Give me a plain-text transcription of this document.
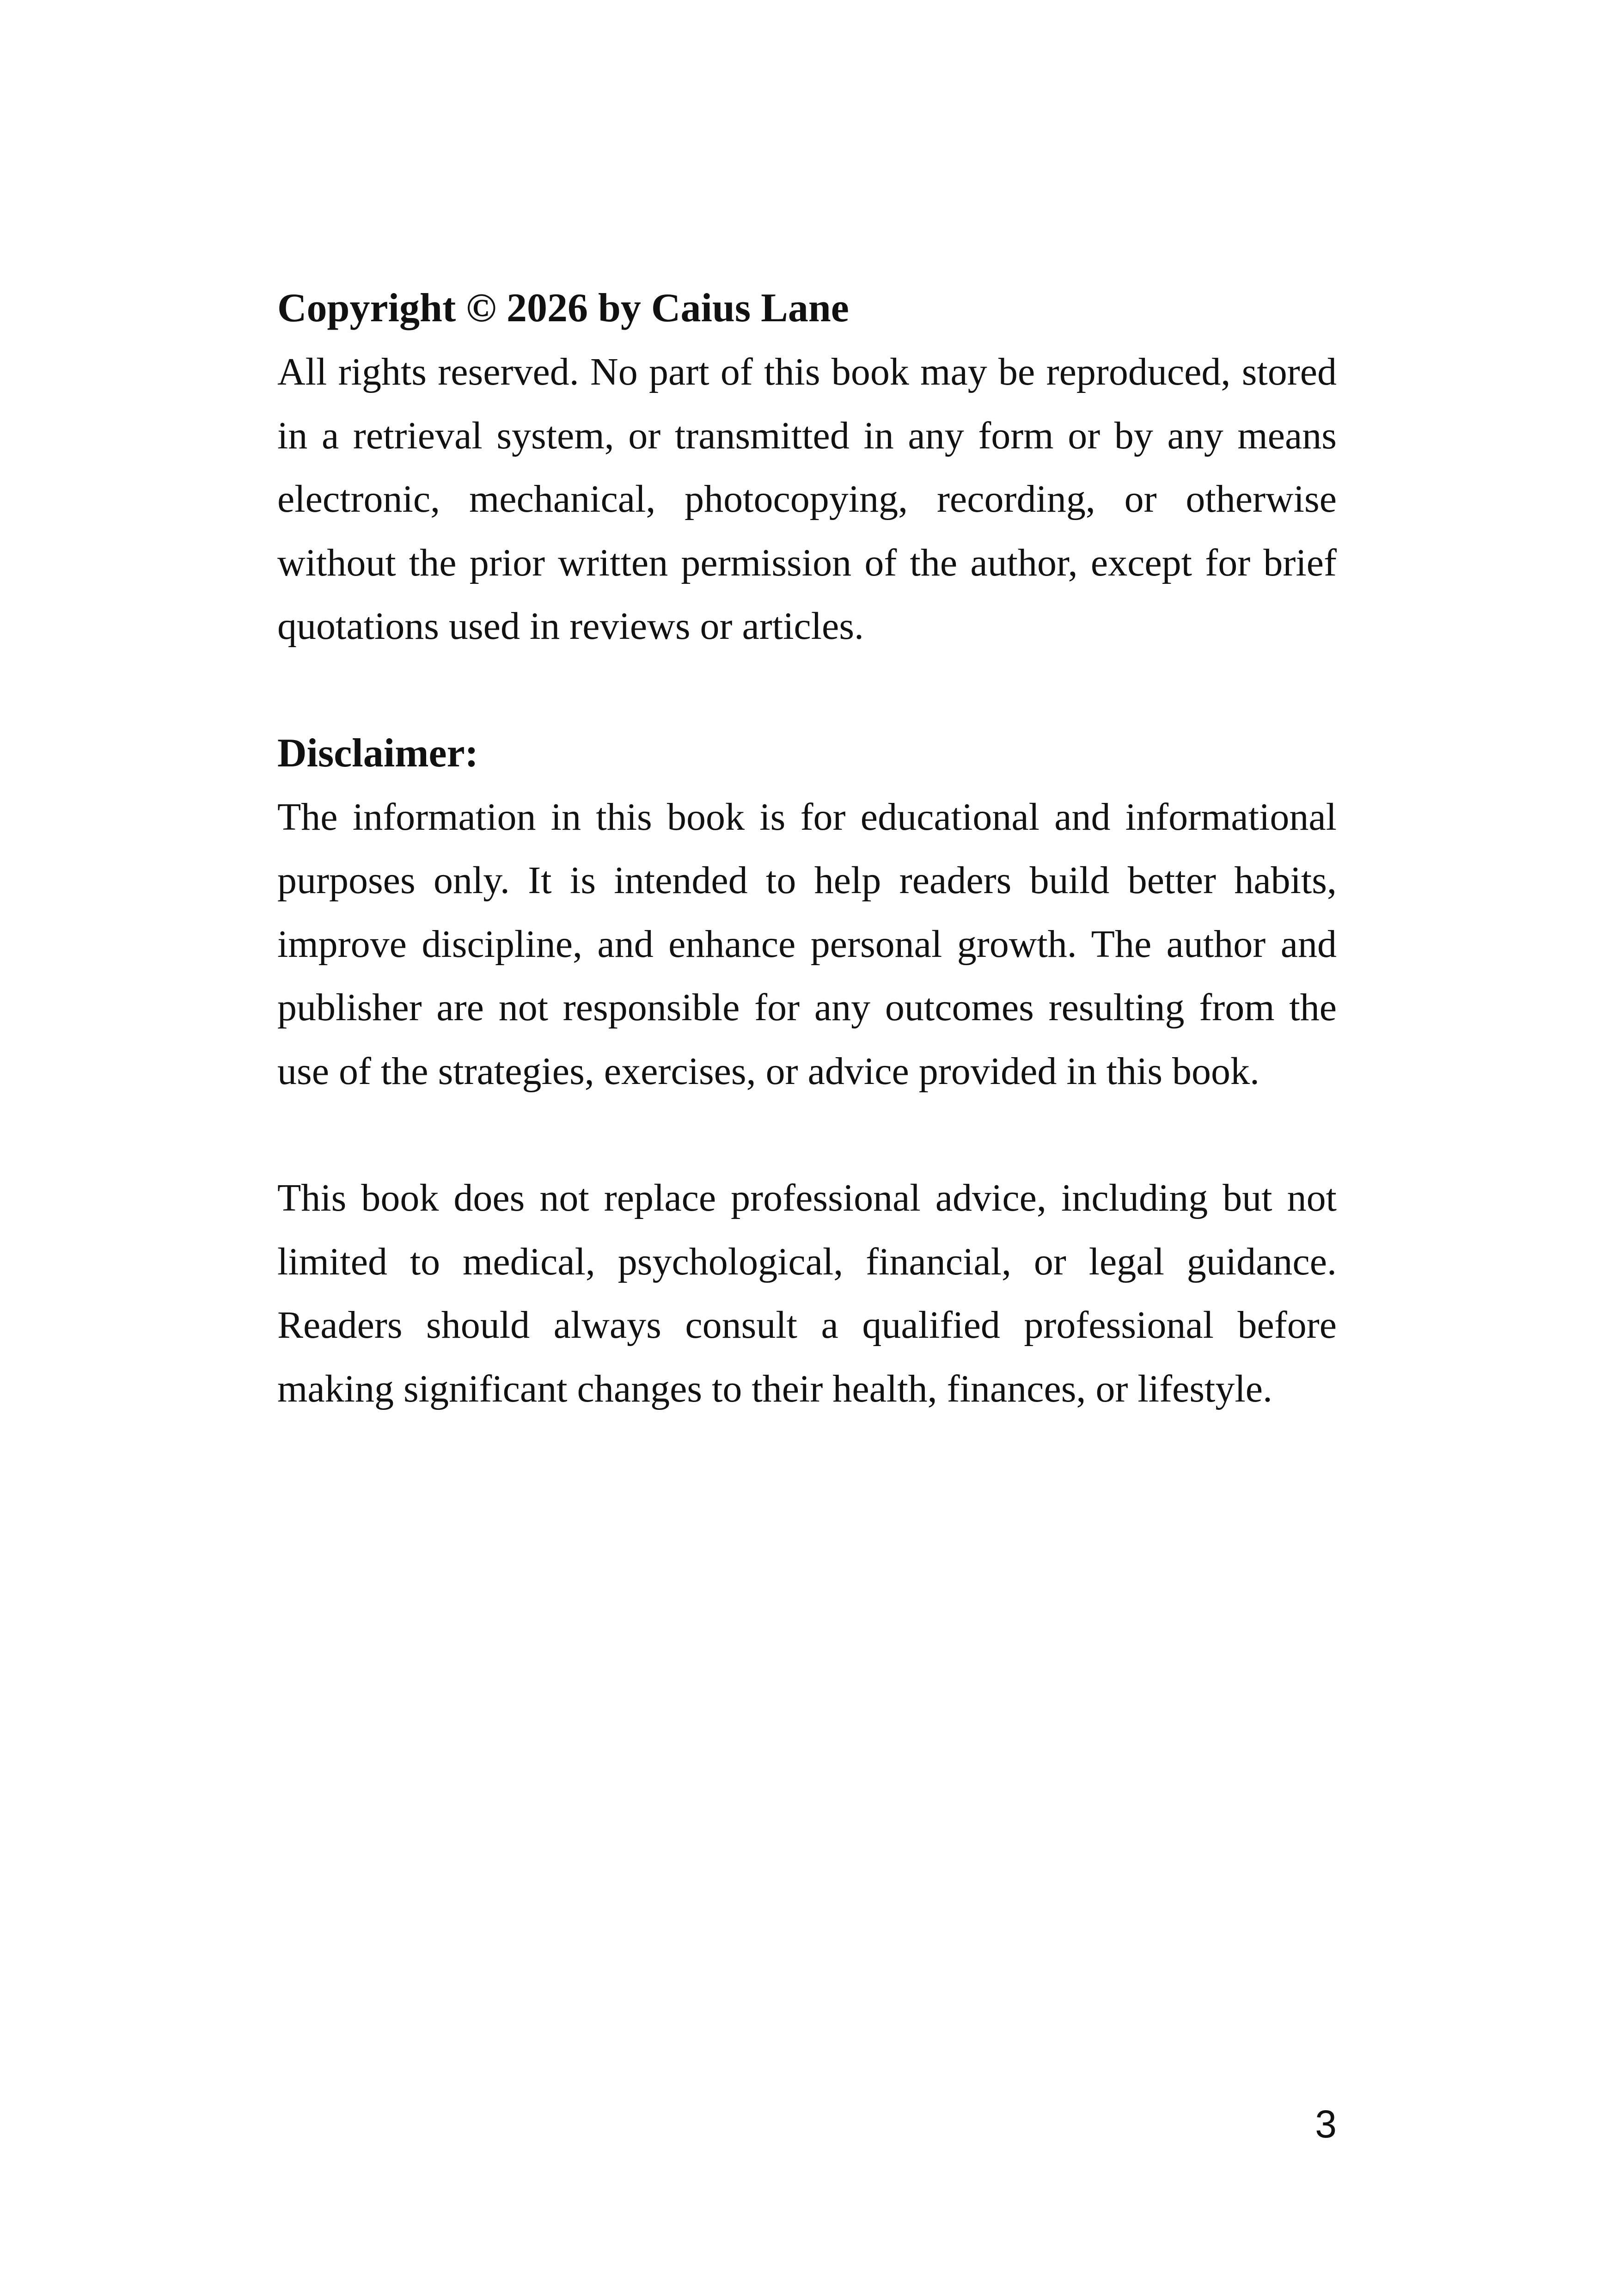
Copyright © 2026 by Caius Lane

All rights reserved. No part of this book may be reproduced, stored in a retrieval system, or transmitted in any form or by any means electronic, mechanical, photocopying, recording, or otherwise without the prior written permission of the author, except for brief quotations used in reviews or articles.

Disclaimer:

The information in this book is for educational and informational purposes only. It is intended to help readers build better habits, improve discipline, and enhance personal growth. The author and publisher are not responsible for any outcomes resulting from the use of the strategies, exercises, or advice provided in this book.

This book does not replace professional advice, including but not limited to medical, psychological, financial, or legal guidance. Readers should always consult a qualified professional before making significant changes to their health, finances, or lifestyle.

3
